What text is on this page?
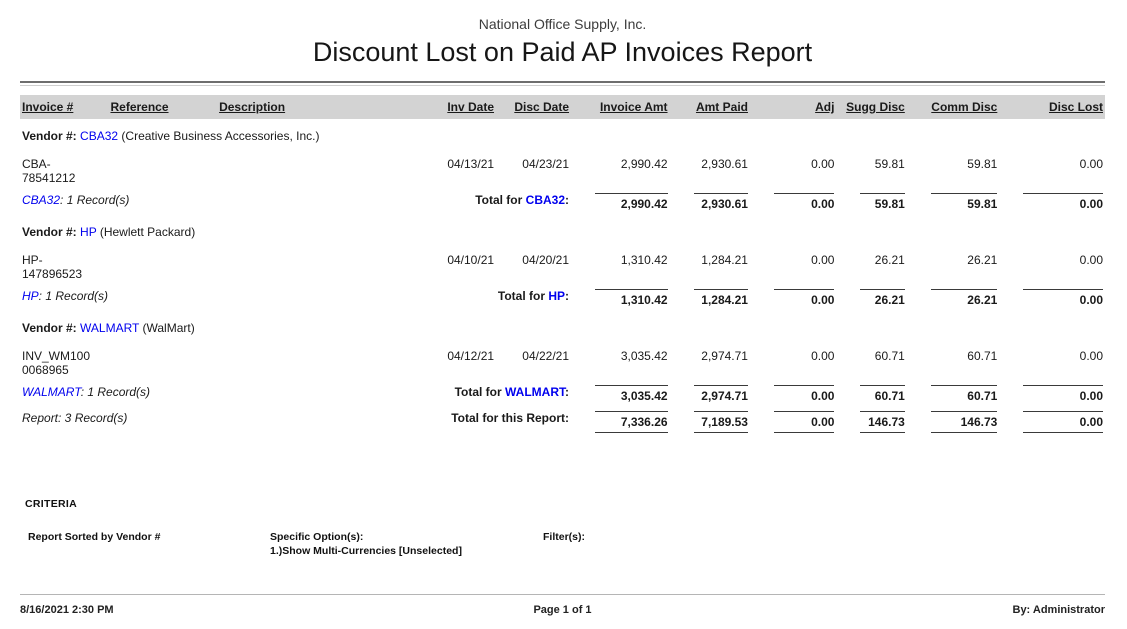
National Office Supply, Inc.
Discount Lost on Paid AP Invoices Report
Invoice #	Reference	Description	Inv Date	Disc Date	Invoice Amt	Amt Paid	Adj	Sugg Disc	Comm Disc	Disc Lost
Vendor #: CBA32 (Creative Business Accessories, Inc.)										

CBA-
78541212			04/13/21	04/23/21	2,990.42	2,930.61	0.00	59.81	59.81	0.00
CBA32: 1 Record(s)		Total for CBA32:			2,990.42	2,930.61	0.00	59.81	59.81	0.00

Vendor #: HP (Hewlett Packard)										

HP-
147896523			04/10/21	04/20/21	1,310.42	1,284.21	0.00	26.21	26.21	0.00
HP: 1 Record(s)		Total for HP:			1,310.42	1,284.21	0.00	26.21	26.21	0.00

Vendor #: WALMART (WalMart)										

INV_WM100
0068965			04/12/21	04/22/21	3,035.42	2,974.71	0.00	60.71	60.71	0.00
WALMART: 1 Record(s)		Total for WALMART:			3,035.42	2,974.71	0.00	60.71	60.71	0.00

Report: 3 Record(s)		Total for this Report:			7,336.26	7,189.53	0.00	146.73	146.73	0.00
CRITERIA
Report Sorted by Vendor #	Specific Option(s):
1.)Show Multi-Currencies [Unselected]
Filter(s):
Page 1 of 1
8/16/2021 2:30 PM	By: Administrator
